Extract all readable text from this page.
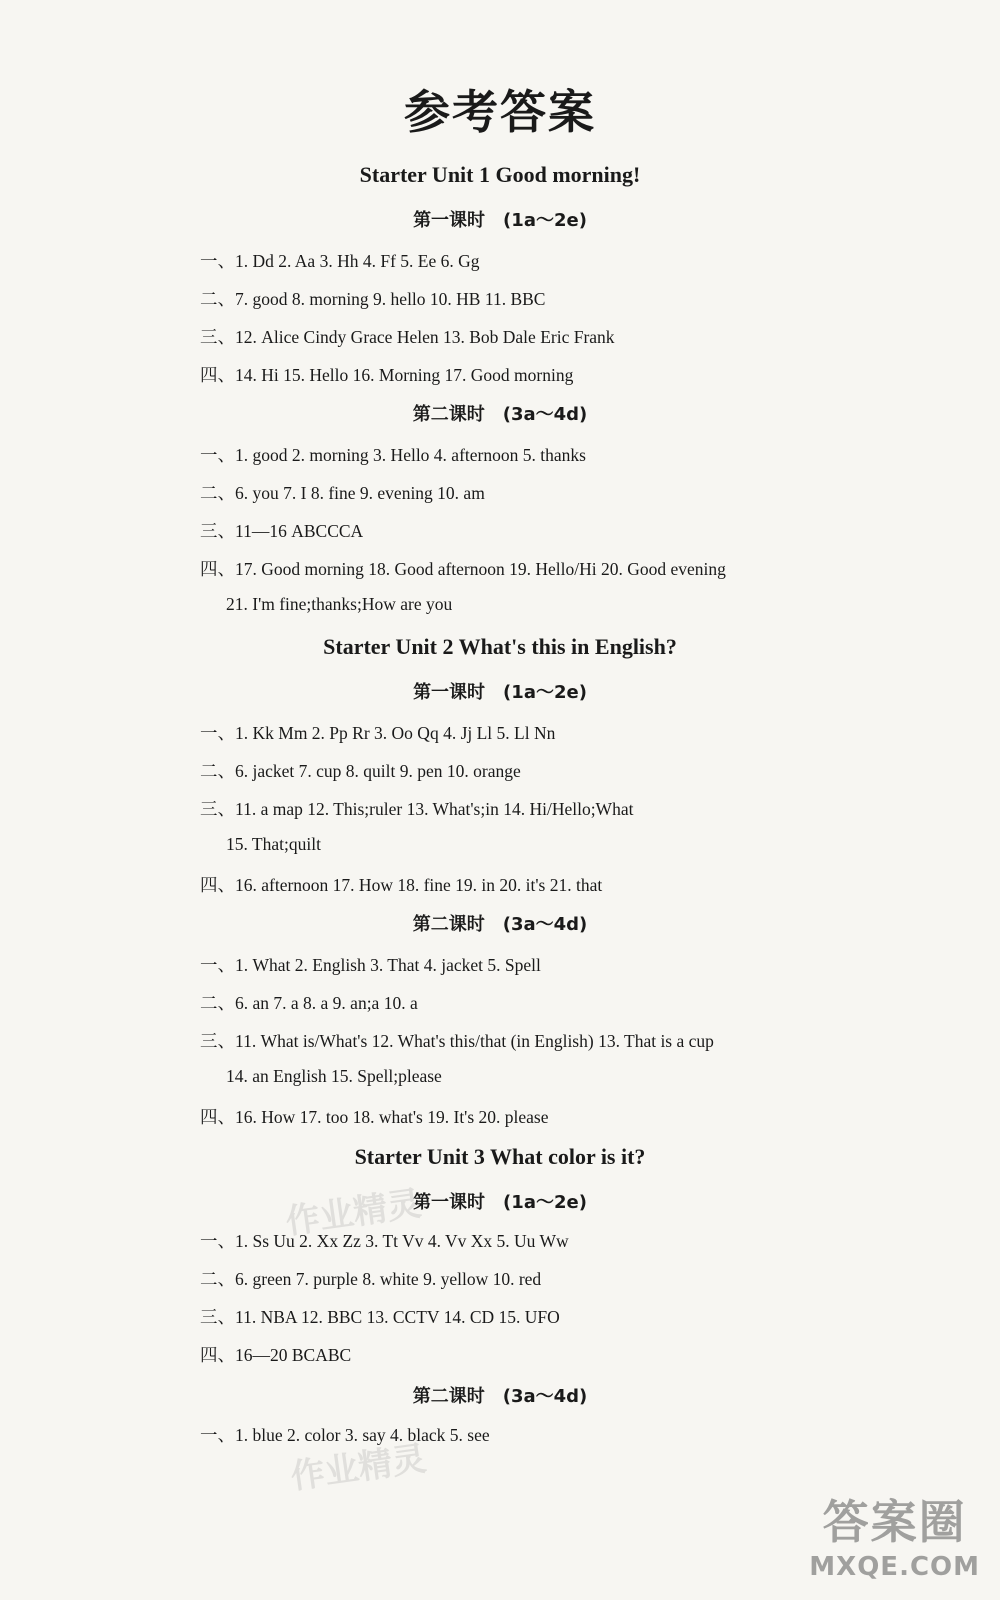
参考答案
Starter Unit 1 Good morning!
第一课时　(1a～2e)
一、1. Dd 2. Aa 3. Hh 4. Ff 5. Ee 6. Gg
二、7. good 8. morning 9. hello 10. HB 11. BBC
三、12. Alice Cindy Grace Helen 13. Bob Dale Eric Frank
四、14. Hi 15. Hello 16. Morning 17. Good morning
第二课时　(3a～4d)
一、1. good 2. morning 3. Hello 4. afternoon 5. thanks
二、6. you 7. I 8. fine 9. evening 10. am
三、11—16 ABCCCA
四、17. Good morning 18. Good afternoon 19. Hello/Hi 20. Good evening
21. I'm fine;thanks;How are you
Starter Unit 2 What's this in English?
第一课时　(1a～2e)
一、1. Kk Mm 2. Pp Rr 3. Oo Qq 4. Jj Ll 5. Ll Nn
二、6. jacket 7. cup 8. quilt 9. pen 10. orange
三、11. a map 12. This;ruler 13. What's;in 14. Hi/Hello;What
15. That;quilt
四、16. afternoon 17. How 18. fine 19. in 20. it's 21. that
第二课时　(3a～4d)
一、1. What 2. English 3. That 4. jacket 5. Spell
二、6. an 7. a 8. a 9. an;a 10. a
三、11. What is/What's 12. What's this/that (in English) 13. That is a cup
14. an English 15. Spell;please
四、16. How 17. too 18. what's 19. It's 20. please
Starter Unit 3 What color is it?
第一课时　(1a～2e)
一、1. Ss Uu 2. Xx Zz 3. Tt Vv 4. Vv Xx 5. Uu Ww
二、6. green 7. purple 8. white 9. yellow 10. red
三、11. NBA 12. BBC 13. CCTV 14. CD 15. UFO
四、16—20 BCABC
第二课时　(3a～4d)
一、1. blue 2. color 3. say 4. black 5. see
作业精灵
作业精灵
答案圈
MXQE.COM
